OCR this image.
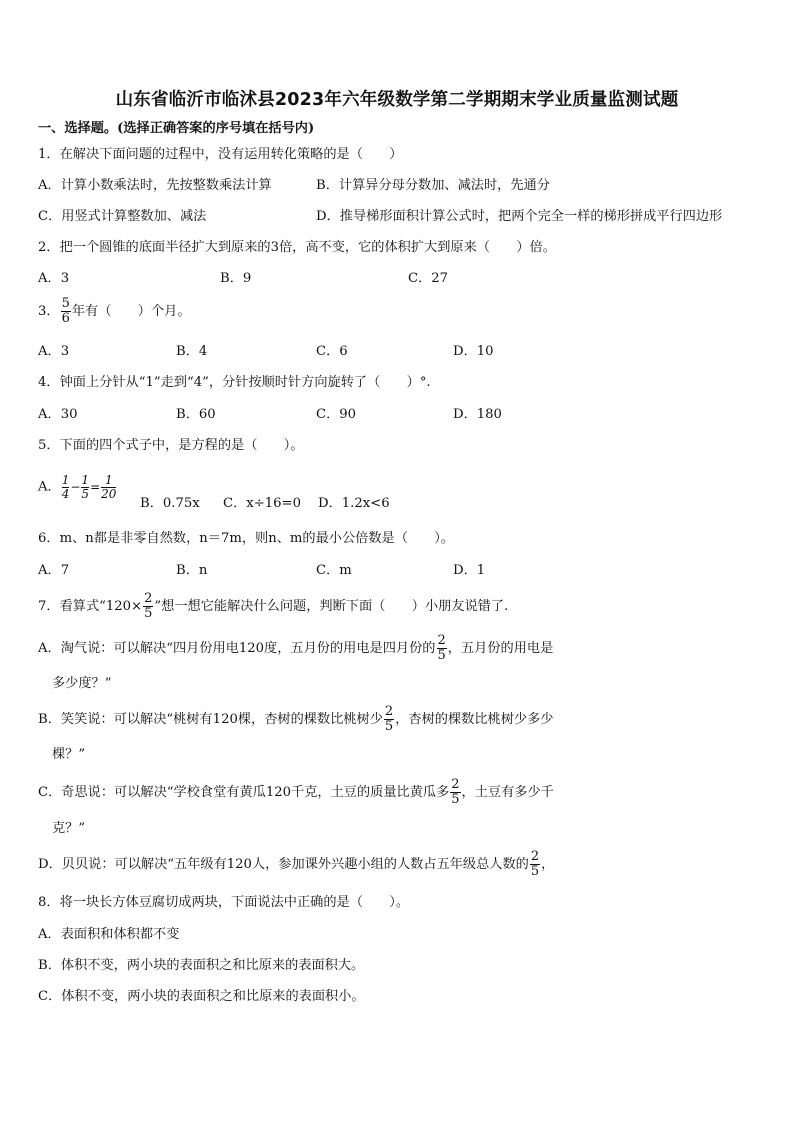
山东省临沂市临沭县2023年六年级数学第二学期期末学业质量监测试题
一、选择题。(选择正确答案的序号填在括号内)
1．在解决下面问题的过程中，没有运用转化策略的是（　　）
A．计算小数乘法时，先按整数乘法计算	B．计算异分母分数加、减法时，先通分
C．用竖式计算整数加、减法	D．推导梯形面积计算公式时，把两个完全一样的梯形拼成平行四边形
2．把一个圆锥的底面半径扩大到原来的3倍，高不变，它的体积扩大到原来（　　）倍。
A．3	B．9	C．27
3． $\frac{5}{6}$ 年有（　　）个月。
A．3	B．4	C．6	D．10
4．钟面上分针从“1”走到“4”，分针按顺时针方向旋转了（　　）°.
A．30	B．60	C．90	D．180
5．下面的四个式子中，是方程的是（　　）。
A． $\frac{1}{4} - \frac{1}{5} = \frac{1}{20}$
B．0.75x C．x÷16=0 D．1.2x<6
6．m、n都是非零自然数，n＝7m，则n、m的最小公倍数是（　　）。
A．7	B．n	C．m	D．1
7．看算式“$120\times \frac{2}{5}$ ”想一想它能解决什么问题，判断下面（　　）小朋友说错了.
A．淘气说：可以解决“四月份用电120度，五月份的用电是四月份的 $\frac{2}{5}$ ，五月份的用电是
多少度？”
B．笑笑说：可以解决“桃树有120棵，杏树的棵数比桃树少 $\frac{2}{5}$ ，杏树的棵数比桃树少多少
棵？”
C．奇思说：可以解决“学校食堂有黄瓜120千克，土豆的质量比黄瓜多 $\frac{2}{5}$ ，土豆有多少千
克？”
D．贝贝说：可以解决“五年级有120人，参加课外兴趣小组的人数占五年级总人数的 $\frac{2}{5}$ ，
8．将一块长方体豆腐切成两块，下面说法中正确的是（　　）。
A．表面积和体积都不变
B．体积不变，两小块的表面积之和比原来的表面积大。
C．体积不变，两小块的表面积之和比原来的表面积小。
